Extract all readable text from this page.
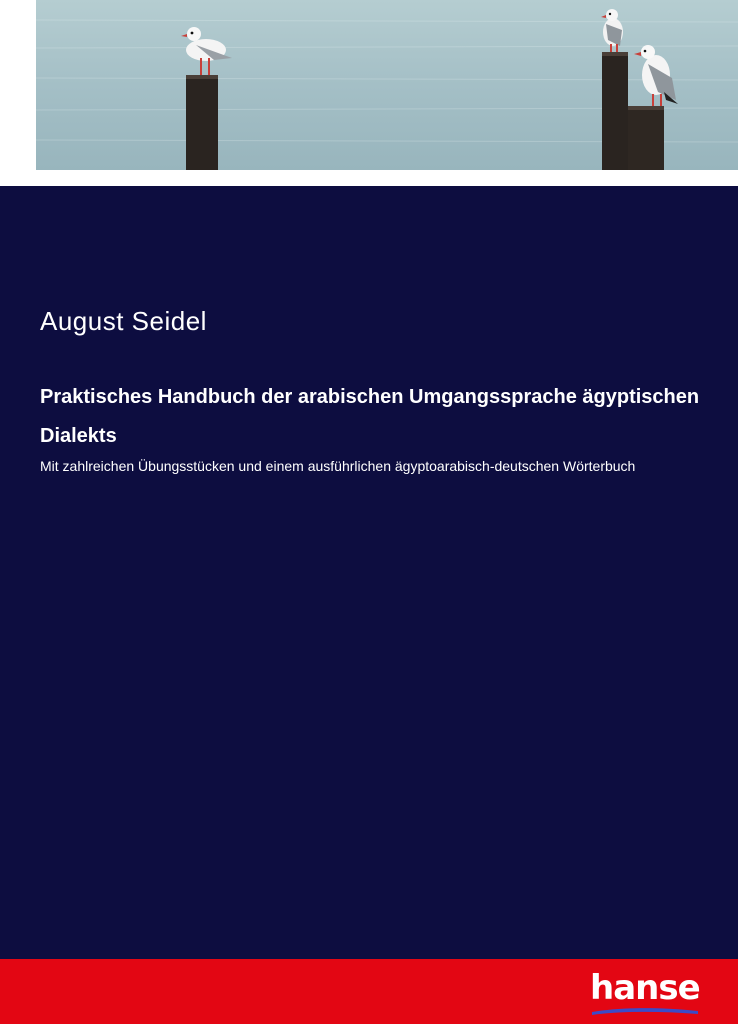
August Seidel
Praktisches Handbuch der arabischen Umgangssprache ägyptischen Dialekts

Mit zahlreichen Übungsstücken und einem ausführlichen ägyptoarabisch-deutschen Wörterbuch

hanse
